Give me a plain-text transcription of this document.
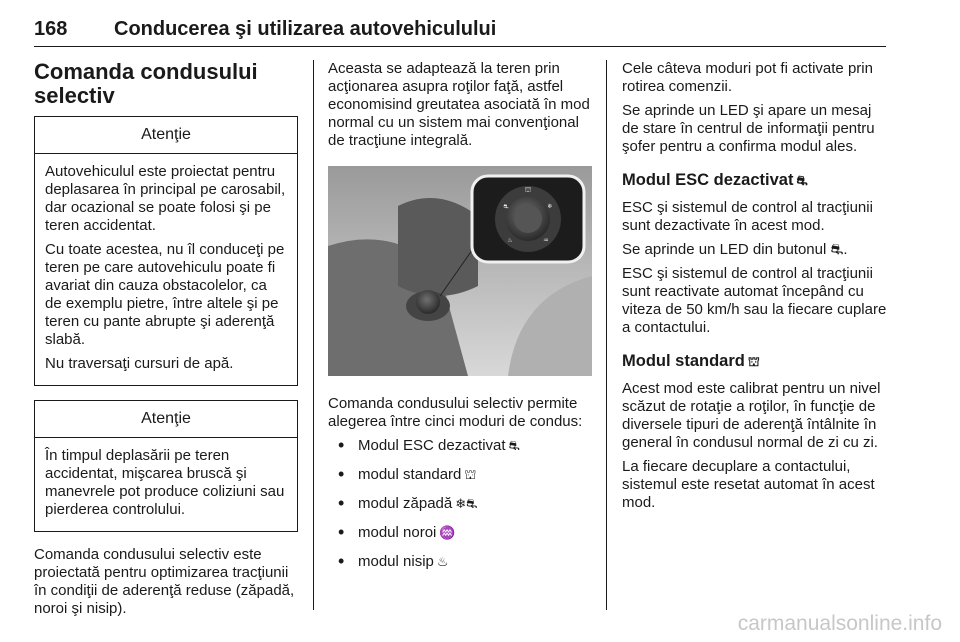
168 Conducerea şi utilizarea autovehiculului
Comanda condusului
selectiv
Atenţie

Autovehiculul este proiectat pentru deplasarea în principal pe carosabil, dar ocazional se poate folosi şi pe teren accidentat.

Cu toate acestea, nu îl conduceţi pe teren pe care autovehiculu poate fi avariat din cauza obstacolelor, ca de exemplu pietre, între altele şi pe teren cu pante abrupte şi aderenţă slabă.

Nu traversaţi cursuri de apă.

Atenţie

În timpul deplasării pe teren accidentat, mişcarea bruscă şi manevrele pot produce coliziuni sau pierderea controlului.

Comanda condusului selectiv este proiectată pentru optimizarea tracţiunii în condiţii de aderenţă reduse (zăpadă, noroi şi nisip).

Aceasta se adaptează la teren prin acţionarea asupra roţilor faţă, astfel economisind greutatea asociată în mod normal cu un sistem mai convenţional de tracţiune integrală.

⛫
⛐	❄
♨	♒

Comanda condusului selectiv permite alegerea între cinci moduri de condus:

• Modul ESC dezactivat ⛐
• modul standard ⛫
• modul zăpadă ❄⛐
• modul noroi ♒
• modul nisip ♨

Cele câteva moduri pot fi activate prin rotirea comenzii.

Se aprinde un LED şi apare un mesaj de stare în centrul de informaţii pentru şofer pentru a confirma modul ales.

Modul ESC dezactivat ⛐

ESC şi sistemul de control al tracţiunii sunt dezactivate în acest mod.

Se aprinde un LED din butonul ⛐.

ESC şi sistemul de control al tracţiunii sunt reactivate automat începând cu viteza de 50 km/h sau la fiecare cuplare a contactului.

Modul standard ⛫

Acest mod este calibrat pentru un nivel scăzut de rotaţie a roţilor, în funcţie de diversele tipuri de aderenţă întâlnite în general în condusul normal de zi cu zi.

La fiecare decuplare a contactului, sistemul este resetat automat în acest mod.

carmanualsonline.info
